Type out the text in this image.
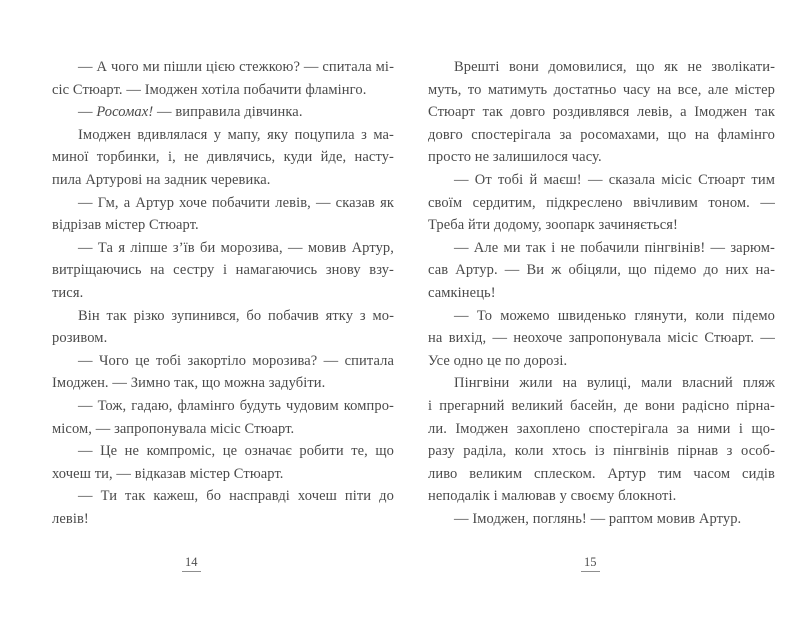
— А чого ми пішли цією стежкою? — спитала мі-
сіс Стюарт. — Імоджен хотіла побачити фламінго.
— Росомах! — виправила дівчинка.
Імоджен вдивлялася у мапу, яку поцупила з ма-
миної торбинки, і, не дивлячись, куди йде, насту-
пила Артурові на задник черевика.
— Гм, а Артур хоче побачити левів, — сказав як
відрізав містер Стюарт.
— Та я ліпше з’їв би морозива, — мовив Артур,
витріщаючись на сестру і намагаючись знову взу-
тися.
Він так різко зупинився, бо побачив ятку з мо-
розивом.
— Чого це тобі закортіло морозива? — спитала
Імоджен. — Зимно так, що можна задубіти.
— Тож, гадаю, фламінго будуть чудовим компро-
місом, — запропонувала місіс Стюарт.
— Це не компроміс, це означає робити те, що
хочеш ти, — відказав містер Стюарт.
— Ти так кажеш, бо насправді хочеш піти до
левів!
Врешті вони домовилися, що як не зволікати-
муть, то матимуть достатньо часу на все, але містер
Стюарт так довго роздивлявся левів, а Імоджен так
довго спостерігала за росомахами, що на фламінго
просто не залишилося часу.
— От тобі й маєш! — сказала місіс Стюарт тим
своїм сердитим, підкреслено ввічливим тоном. —
Треба йти додому, зоопарк зачиняється!
— Але ми так і не побачили пінгвінів! — зарюм-
сав Артур. — Ви ж обіцяли, що підемо до них на-
самкінець!
— То можемо швиденько глянути, коли підемо
на вихід, — неохоче запропонувала місіс Стюарт. —
Усе одно це по дорозі.
Пінгвіни жили на вулиці, мали власний пляж
і прегарний великий басейн, де вони радісно пірна-
ли. Імоджен захоплено спостерігала за ними і що-
разу раділа, коли хтось із пінгвінів пірнав з особ-
ливо великим сплеском. Артур тим часом сидів
неподалік і малював у своєму блокноті.
— Імоджен, поглянь! — раптом мовив Артур.
14	15
